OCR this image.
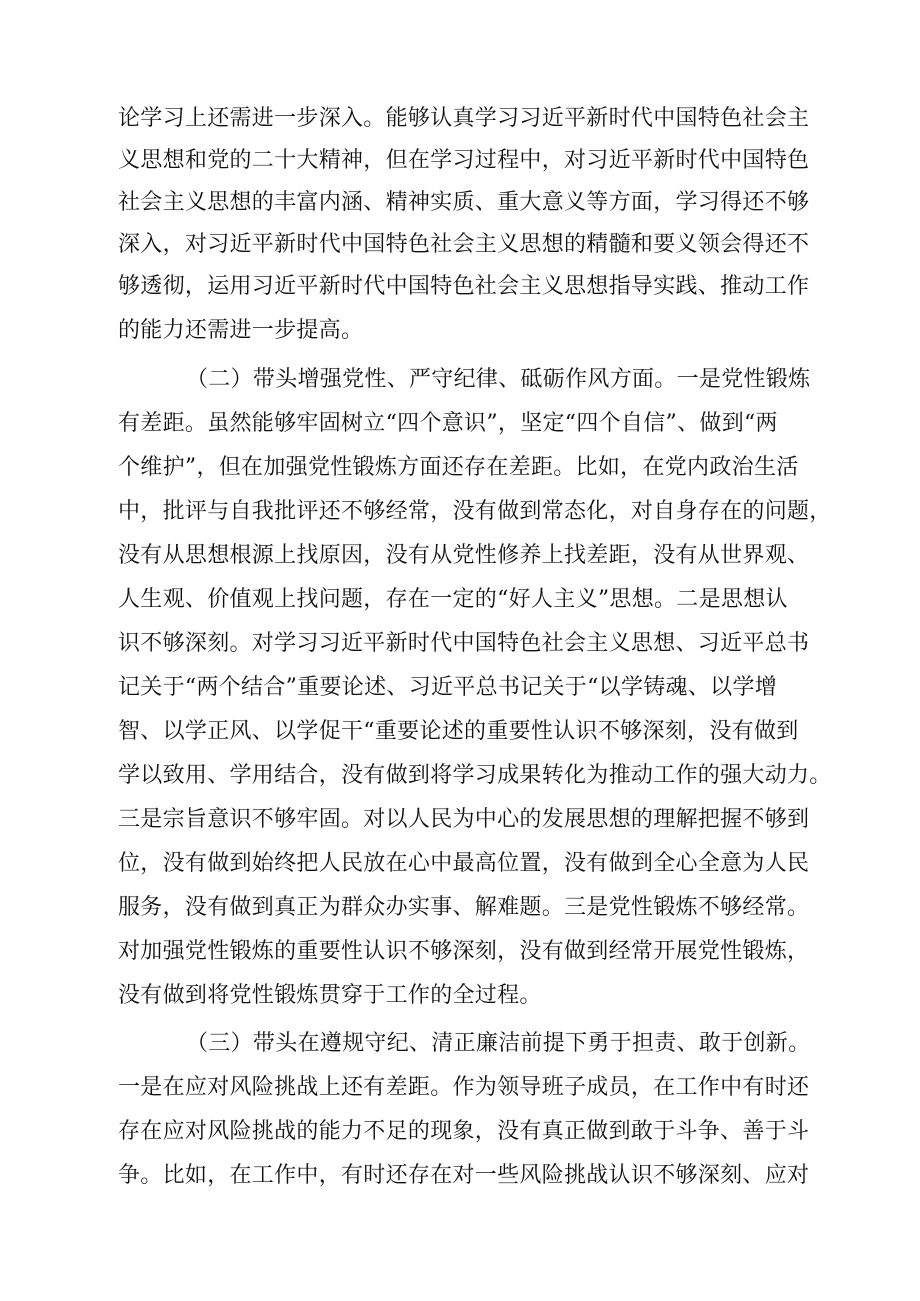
论学习上还需进一步深入。能够认真学习习近平新时代中国特色社会主
义思想和党的二十大精神，但在学习过程中，对习近平新时代中国特色
社会主义思想的丰富内涵、精神实质、重大意义等方面，学习得还不够
深入，对习近平新时代中国特色社会主义思想的精髓和要义领会得还不
够透彻，运用习近平新时代中国特色社会主义思想指导实践、推动工作
的能力还需进一步提高。
（二）带头增强党性、严守纪律、砥砺作风方面。一是党性锻炼
有差距。虽然能够牢固树立“四个意识”，坚定“四个自信”、做到“两
个维护”，但在加强党性锻炼方面还存在差距。比如，在党内政治生活
中，批评与自我批评还不够经常，没有做到常态化，对自身存在的问题，
没有从思想根源上找原因，没有从党性修养上找差距，没有从世界观、
人生观、价值观上找问题，存在一定的“好人主义”思想。二是思想认
识不够深刻。对学习习近平新时代中国特色社会主义思想、习近平总书
记关于“两个结合”重要论述、习近平总书记关于“以学铸魂、以学增
智、以学正风、以学促干“重要论述的重要性认识不够深刻，没有做到
学以致用、学用结合，没有做到将学习成果转化为推动工作的强大动力。
三是宗旨意识不够牢固。对以人民为中心的发展思想的理解把握不够到
位，没有做到始终把人民放在心中最高位置，没有做到全心全意为人民
服务，没有做到真正为群众办实事、解难题。三是党性锻炼不够经常。
对加强党性锻炼的重要性认识不够深刻，没有做到经常开展党性锻炼，
没有做到将党性锻炼贯穿于工作的全过程。
（三）带头在遵规守纪、清正廉洁前提下勇于担责、敢于创新。
一是在应对风险挑战上还有差距。作为领导班子成员，在工作中有时还
存在应对风险挑战的能力不足的现象，没有真正做到敢于斗争、善于斗
争。比如，在工作中，有时还存在对一些风险挑战认识不够深刻、应对
